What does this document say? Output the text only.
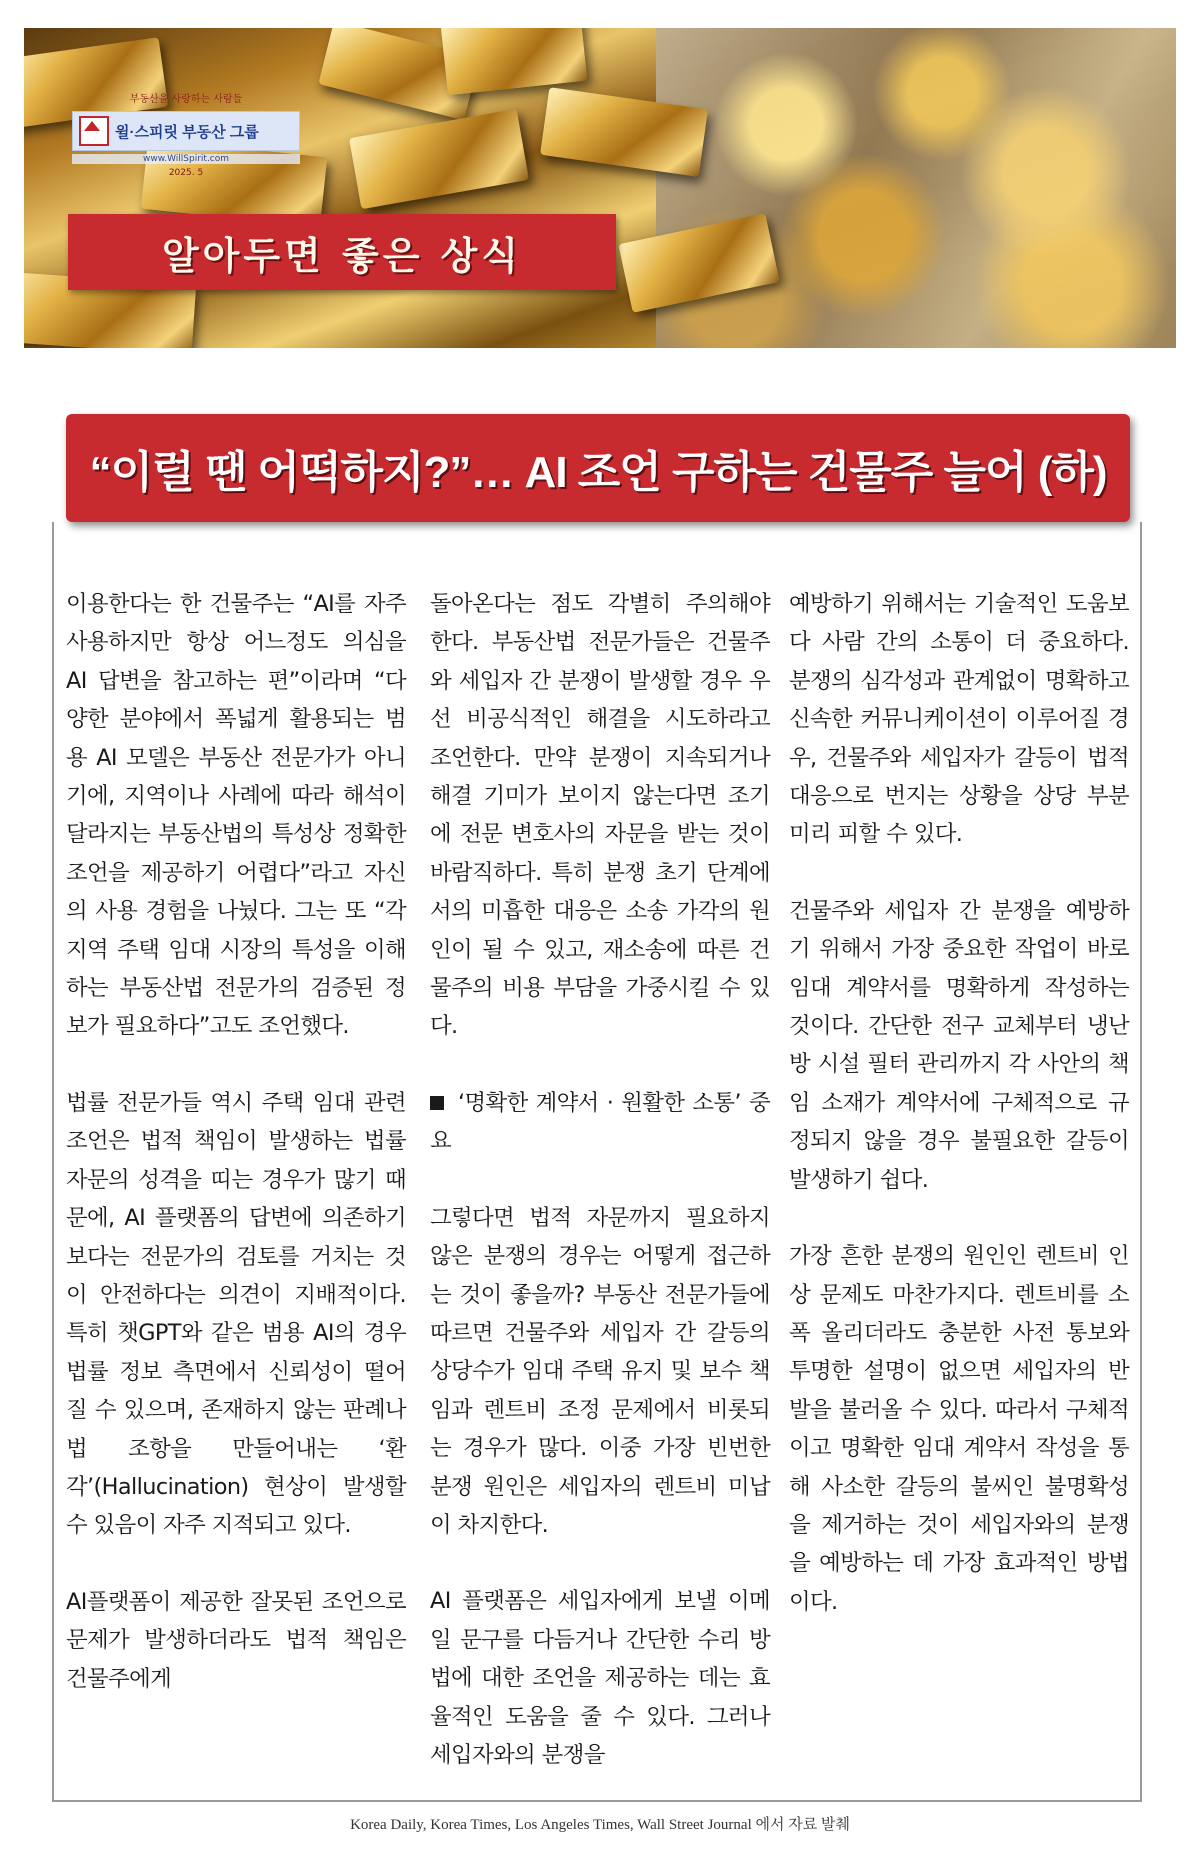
부동산을 사랑하는 사람들
윌·스피릿 부동산 그룹
www.WillSpirit.com
2025. 5
알아두면 좋은 상식
“이럴 땐 어떡하지?”… AI 조언 구하는 건물주 늘어 (하)

이용한다는 한 건물주는 “AI를 자주 사용하지만 항상 어느정도 의심을 AI 답변을 참고하는 편”이라며 “다양한 분야에서 폭넓게 활용되는 범용 AI 모델은 부동산 전문가가 아니기에, 지역이나 사례에 따라 해석이 달라지는 부동산법의 특성상 정확한 조언을 제공하기 어렵다”라고 자신의 사용 경험을 나눴다. 그는 또 “각 지역 주택 임대 시장의 특성을 이해하는 부동산법 전문가의 검증된 정보가 필요하다”고도 조언했다.

법률 전문가들 역시 주택 임대 관련 조언은 법적 책임이 발생하는 법률 자문의 성격을 띠는 경우가 많기 때문에, AI 플랫폼의 답변에 의존하기보다는 전문가의 검토를 거치는 것이 안전하다는 의견이 지배적이다. 특히 챗GPT와 같은 범용 AI의 경우 법률 정보 측면에서 신뢰성이 떨어질 수 있으며, 존재하지 않는 판례나 법 조항을 만들어내는 ‘환각’(Hallucination) 현상이 발생할 수 있음이 자주 지적되고 있다.

AI플랫폼이 제공한 잘못된 조언으로 문제가 발생하더라도 법적 책임은 건물주에게

돌아온다는 점도 각별히 주의해야 한다. 부동산법 전문가들은 건물주와 세입자 간 분쟁이 발생할 경우 우선 비공식적인 해결을 시도하라고 조언한다. 만약 분쟁이 지속되거나 해결 기미가 보이지 않는다면 조기에 전문 변호사의 자문을 받는 것이 바람직하다. 특히 분쟁 초기 단계에서의 미흡한 대응은 소송 가각의 원인이 될 수 있고, 재소송에 따른 건물주의 비용 부담을 가중시킬 수 있다.

‘명확한 계약서 · 원활한 소통’ 중요

그렇다면 법적 자문까지 필요하지 않은 분쟁의 경우는 어떻게 접근하는 것이 좋을까? 부동산 전문가들에 따르면 건물주와 세입자 간 갈등의 상당수가 임대 주택 유지 및 보수 책임과 렌트비 조정 문제에서 비롯되는 경우가 많다. 이중 가장 빈번한 분쟁 원인은 세입자의 렌트비 미납이 차지한다.

AI 플랫폼은 세입자에게 보낼 이메일 문구를 다듬거나 간단한 수리 방법에 대한 조언을 제공하는 데는 효율적인 도움을 줄 수 있다. 그러나 세입자와의 분쟁을

예방하기 위해서는 기술적인 도움보다 사람 간의 소통이 더 중요하다. 분쟁의 심각성과 관계없이 명확하고 신속한 커뮤니케이션이 이루어질 경우, 건물주와 세입자가 갈등이 법적 대응으로 번지는 상황을 상당 부분 미리 피할 수 있다.

건물주와 세입자 간 분쟁을 예방하기 위해서 가장 중요한 작업이 바로 임대 계약서를 명확하게 작성하는 것이다. 간단한 전구 교체부터 냉난방 시설 필터 관리까지 각 사안의 책임 소재가 계약서에 구체적으로 규정되지 않을 경우 불필요한 갈등이 발생하기 쉽다.

가장 흔한 분쟁의 원인인 렌트비 인상 문제도 마찬가지다. 렌트비를 소폭 올리더라도 충분한 사전 통보와 투명한 설명이 없으면 세입자의 반발을 불러올 수 있다. 따라서 구체적이고 명확한 임대 계약서 작성을 통해 사소한 갈등의 불씨인 불명확성을 제거하는 것이 세입자와의 분쟁을 예방하는 데 가장 효과적인 방법이다.

Korea Daily, Korea Times, Los Angeles Times, Wall Street Journal 에서 자료 발췌
